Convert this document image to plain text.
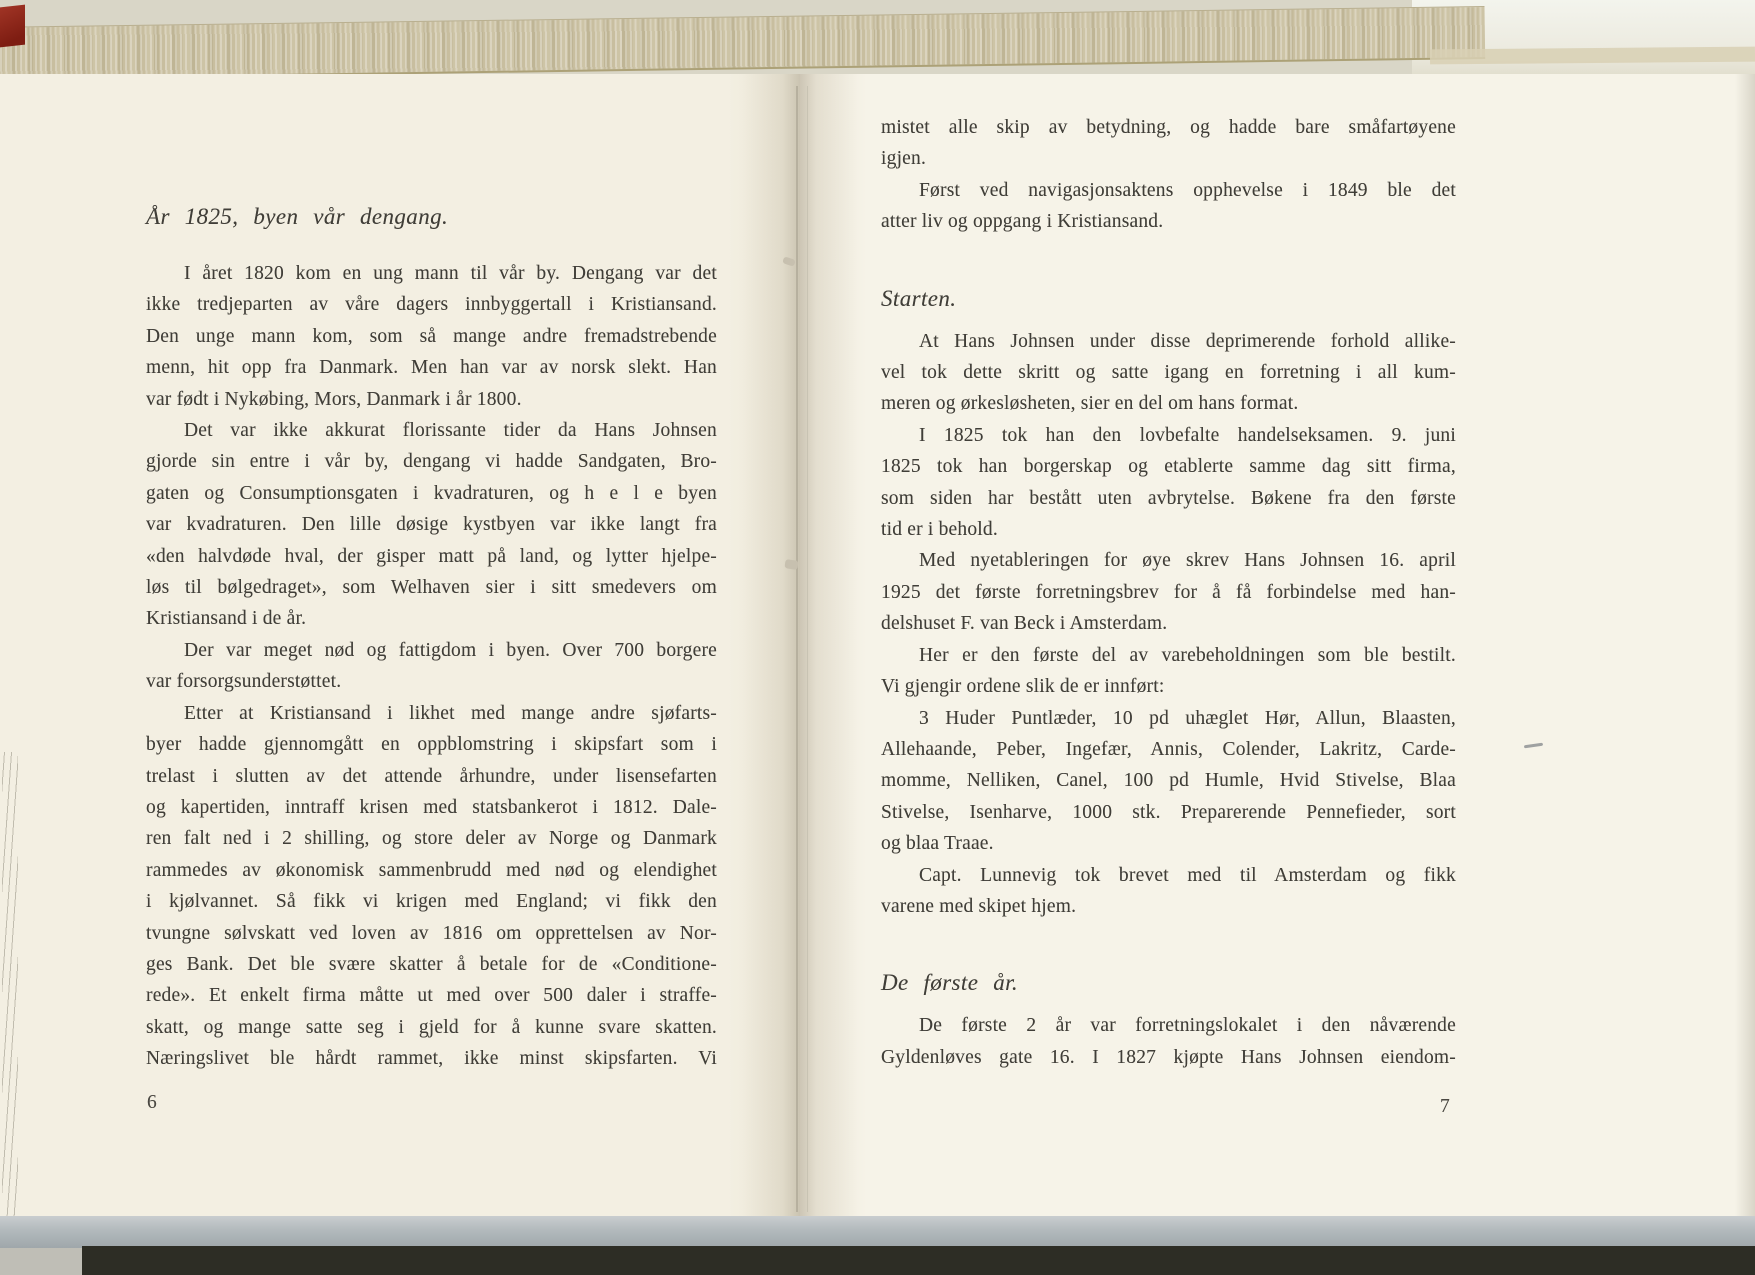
År 1825, byen vår dengang.
I året 1820 kom en ung mann til vår by. Dengang var det
ikke tredjeparten av våre dagers innbyggertall i Kristiansand.
Den unge mann kom, som så mange andre fremadstrebende
menn, hit opp fra Danmark. Men han var av norsk slekt. Han
var født i Nykøbing, Mors, Danmark i år 1800.
Det var ikke akkurat florissante tider da Hans Johnsen
gjorde sin entre i vår by, dengang vi hadde Sandgaten, Bro-
gaten og Consumptionsgaten i kvadraturen, og h e l e byen
var kvadraturen. Den lille døsige kystbyen var ikke langt fra
«den halvdøde hval, der gisper matt på land, og lytter hjelpe-
løs til bølgedraget», som Welhaven sier i sitt smedevers om
Kristiansand i de år.
Der var meget nød og fattigdom i byen. Over 700 borgere
var forsorgsunderstøttet.
Etter at Kristiansand i likhet med mange andre sjøfarts-
byer hadde gjennomgått en oppblomstring i skipsfart som i
trelast i slutten av det attende århundre, under lisensefarten
og kapertiden, inntraff krisen med statsbankerot i 1812. Dale-
ren falt ned i 2 shilling, og store deler av Norge og Danmark
rammedes av økonomisk sammenbrudd med nød og elendighet
i kjølvannet. Så fikk vi krigen med England; vi fikk den
tvungne sølvskatt ved loven av 1816 om opprettelsen av Nor-
ges Bank. Det ble svære skatter å betale for de «Conditione-
rede». Et enkelt firma måtte ut med over 500 daler i straffe-
skatt, og mange satte seg i gjeld for å kunne svare skatten.
Næringslivet ble hårdt rammet, ikke minst skipsfarten. Vi
mistet alle skip av betydning, og hadde bare småfartøyene
igjen.
Først ved navigasjonsaktens opphevelse i 1849 ble det
atter liv og oppgang i Kristiansand.
Starten.
At Hans Johnsen under disse deprimerende forhold allike-
vel tok dette skritt og satte igang en forretning i all kum-
meren og ørkesløsheten, sier en del om hans format.
I 1825 tok han den lovbefalte handelseksamen. 9. juni
1825 tok han borgerskap og etablerte samme dag sitt firma,
som siden har bestått uten avbrytelse. Bøkene fra den første
tid er i behold.
Med nyetableringen for øye skrev Hans Johnsen 16. april
1925 det første forretningsbrev for å få forbindelse med han-
delshuset F. van Beck i Amsterdam.
Her er den første del av varebeholdningen som ble bestilt.
Vi gjengir ordene slik de er innført:
3 Huder Puntlæder, 10 pd uhæglet Hør, Allun, Blaasten,
Allehaande, Peber, Ingefær, Annis, Colender, Lakritz, Carde-
momme, Nelliken, Canel, 100 pd Humle, Hvid Stivelse, Blaa
Stivelse, Isenharve, 1000 stk. Preparerende Pennefieder, sort
og blaa Traae.
Capt. Lunnevig tok brevet med til Amsterdam og fikk
varene med skipet hjem.
De første år.
De første 2 år var forretningslokalet i den nåværende
Gyldenløves gate 16. I 1827 kjøpte Hans Johnsen eiendom-
6	7
